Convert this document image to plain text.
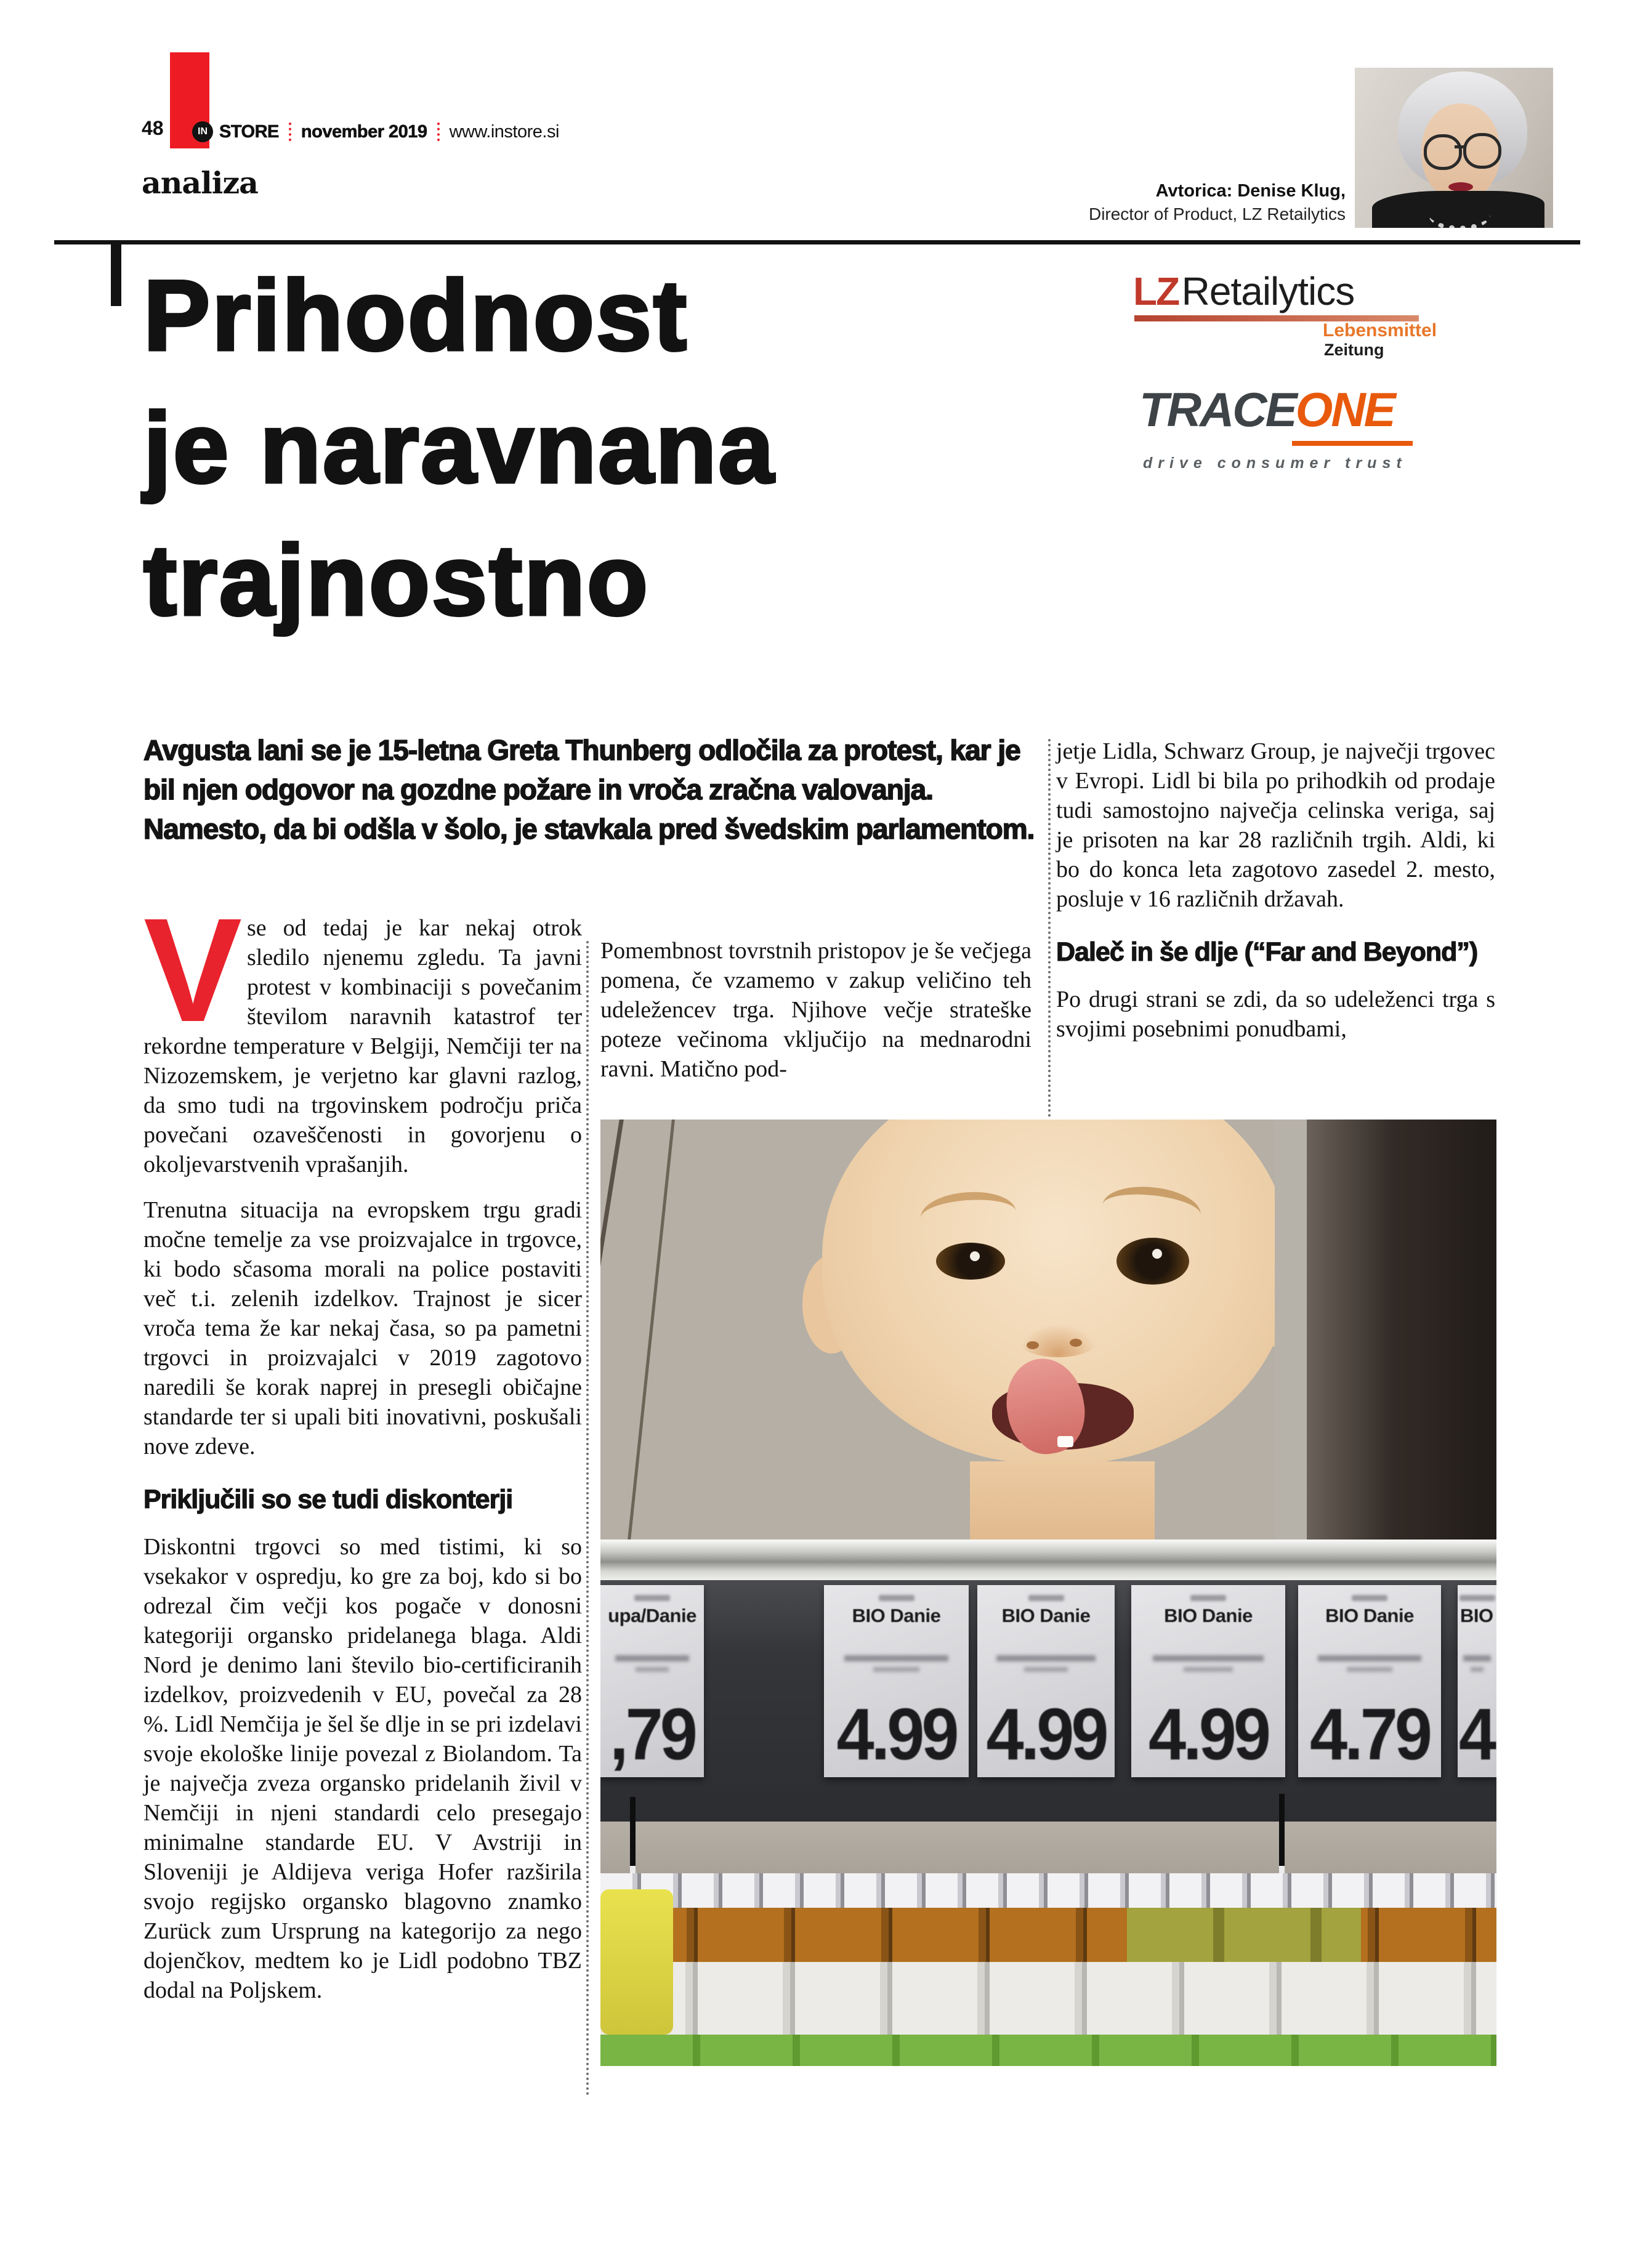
48	IN STORE november 2019 www.instore.si
analiza	Avtorica: Denise Klug,
Director of Product, LZ Retailytics
LZ Retailytics
Lebensmittel
Zeitung
TRACEONE
drive consumer trust
Prihodnost
je naravnana
trajnostno
Avgusta lani se je 15-letna Greta Thunberg odločila za protest, kar je bil njen odgovor na gozdne požare in vroča zračna valovanja. Namesto, da bi odšla v šolo, je stavkala pred švedskim parlamentom.

Vse od tedaj je kar nekaj otrok sledilo njenemu zgledu. Ta javni protest v kombinaciji s povečanim številom naravnih katastrof ter rekordne temperature v Belgiji, Nemčiji ter na Nizozemskem, je verjetno kar glavni razlog, da smo tudi na trgovinskem področju priča povečani ozaveščenosti in govorjenu o okoljevarstvenih vprašanjih.

Trenutna situacija na evropskem trgu gradi močne temelje za vse proizvajalce in trgovce, ki bodo sčasoma morali na police postaviti več t.i. zelenih izdelkov. Trajnost je sicer vroča tema že kar nekaj časa, so pa pametni trgovci in proizvajalci v 2019 zagotovo naredili še korak naprej in presegli običajne standarde ter si upali biti inovativni, poskušali nove zdeve.

Priključili so se tudi diskonterji

Diskontni trgovci so med tistimi, ki so vsekakor v ospredju, ko gre za boj, kdo si bo odrezal čim večji kos pogače v donosni kategoriji organsko pridelanega blaga. Aldi Nord je denimo lani število bio-certificiranih izdelkov, proizvedenih v EU, povečal za 28 %. Lidl Nemčija je šel še dlje in se pri izdelavi svoje ekološke linije povezal z Biolandom. Ta je največja zveza organsko pridelanih živil v Nemčiji in njeni standardi celo presegajo minimalne standarde EU. V Avstriji in Sloveniji je Aldijeva veriga Hofer razširila svojo regijsko organsko blagovno znamko Zurück zum Ursprung na kategorijo za nego dojenčkov, medtem ko je Lidl podobno TBZ dodal na Poljskem.

Pomembnost tovrstnih pristopov je še večjega pomena, če vzamemo v zakup veličino teh udeležencev trga. Njihove večje strateške poteze večinoma vključijo na mednarodni ravni. Matično pod-

jetje Lidla, Schwarz Group, je največji trgovec v Evropi. Lidl bi bila po prihodkih od prodaje tudi samostojno največja celinska veriga, saj je prisoten na kar 28 različnih trgih. Aldi, ki bo do konca leta zagotovo zasedel 2. mesto, posluje v 16 različnih državah.

Daleč in še dlje (“Far and Beyond”)

Po drugi strani se zdi, da so udeleženci trga s svojimi posebnimi ponudbami,

upa/Danie
,79
BIO Danie
4.99
BIO Danie
4.99
BIO Danie
4.99
BIO Danie
4.79
BIO
4
